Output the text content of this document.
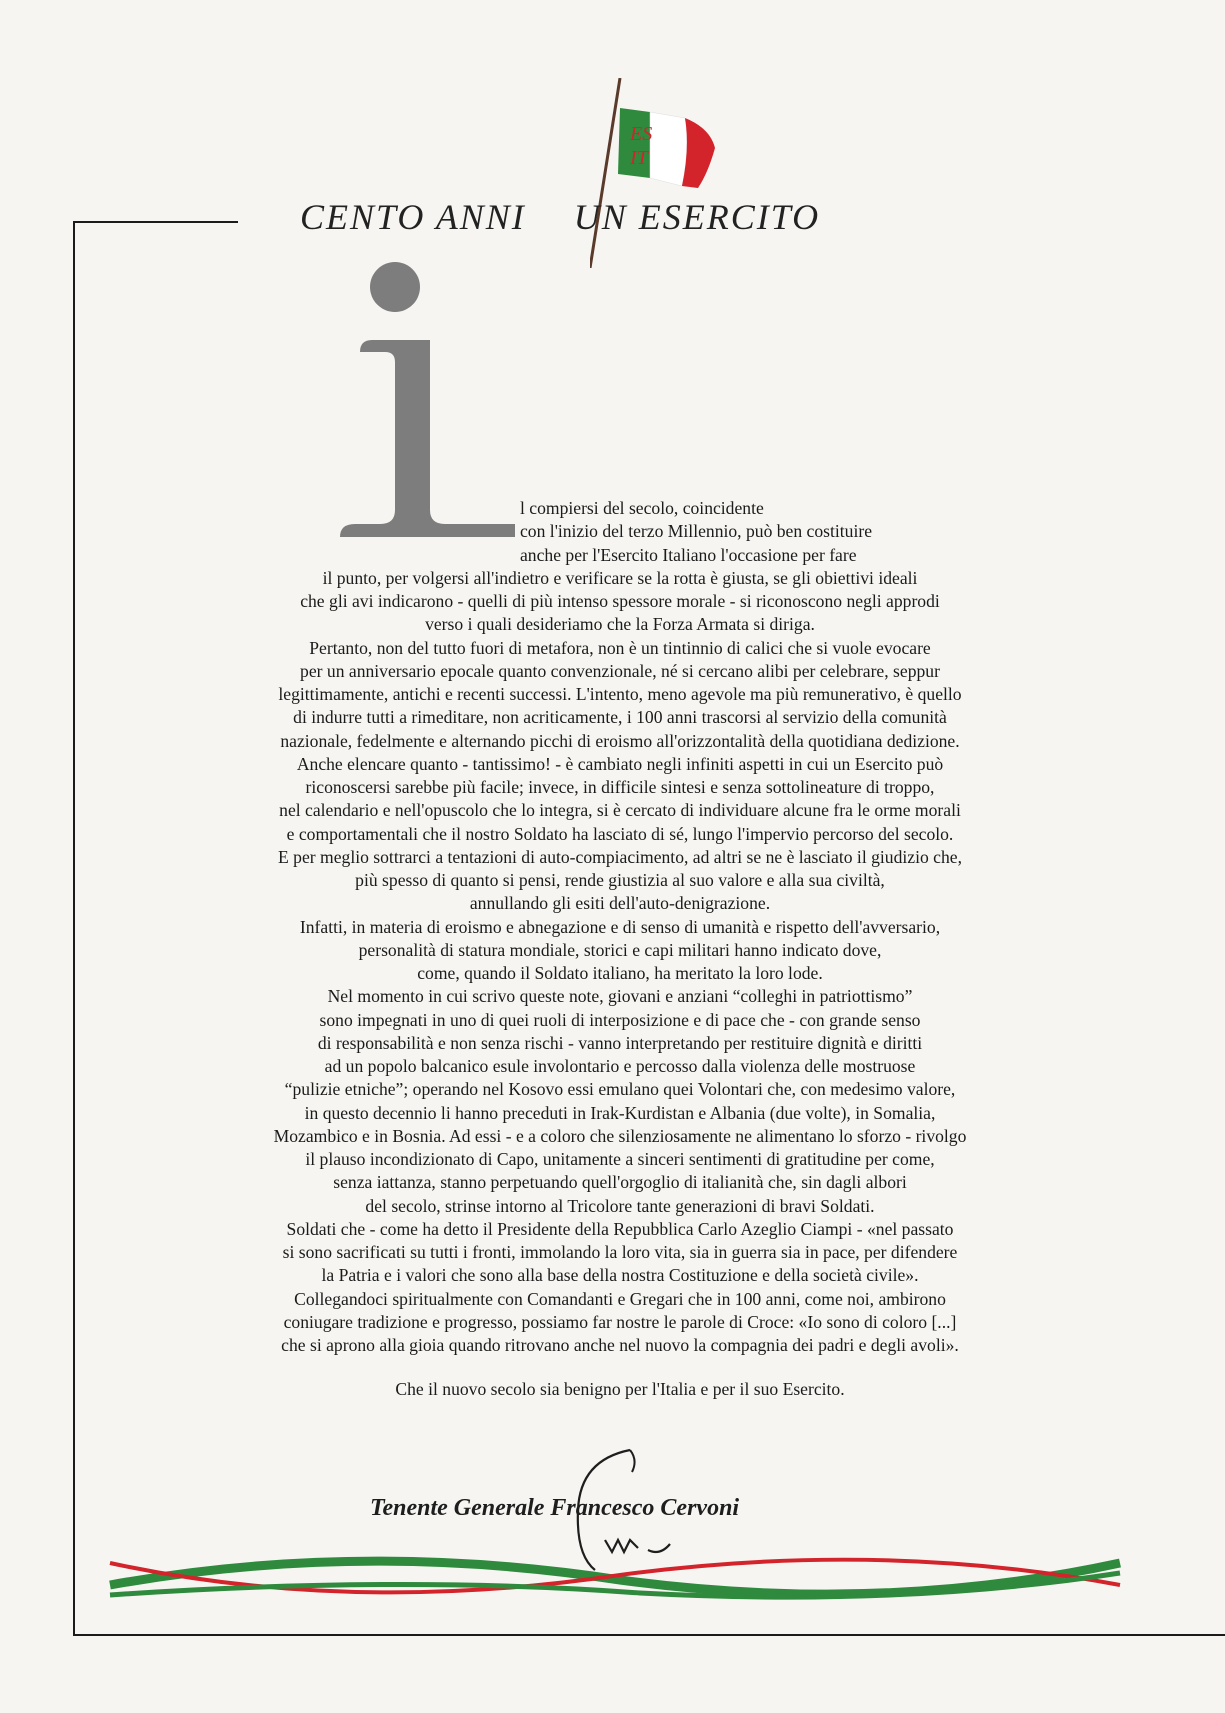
ES
IT
CENTO ANNI UN ESERCITO
l compiersi del secolo, coincidente
con l'inizio del terzo Millennio, può ben costituire
anche per l'Esercito Italiano l'occasione per fare

il punto, per volgersi all'indietro e verificare se la rotta è giusta, se gli obiettivi ideali

che gli avi indicarono - quelli di più intenso spessore morale - si riconoscono negli approdi

verso i quali desideriamo che la Forza Armata si diriga.

Pertanto, non del tutto fuori di metafora, non è un tintinnio di calici che si vuole evocare

per un anniversario epocale quanto convenzionale, né si cercano alibi per celebrare, seppur

legittimamente, antichi e recenti successi. L'intento, meno agevole ma più remunerativo, è quello

di indurre tutti a rimeditare, non acriticamente, i 100 anni trascorsi al servizio della comunità

nazionale, fedelmente e alternando picchi di eroismo all'orizzontalità della quotidiana dedizione.

Anche elencare quanto - tantissimo! - è cambiato negli infiniti aspetti in cui un Esercito può

riconoscersi sarebbe più facile; invece, in difficile sintesi e senza sottolineature di troppo,

nel calendario e nell'opuscolo che lo integra, si è cercato di individuare alcune fra le orme morali

e comportamentali che il nostro Soldato ha lasciato di sé, lungo l'impervio percorso del secolo.

E per meglio sottrarci a tentazioni di auto-compiacimento, ad altri se ne è lasciato il giudizio che,

più spesso di quanto si pensi, rende giustizia al suo valore e alla sua civiltà,

annullando gli esiti dell'auto-denigrazione.

Infatti, in materia di eroismo e abnegazione e di senso di umanità e rispetto dell'avversario,

personalità di statura mondiale, storici e capi militari hanno indicato dove,

come, quando il Soldato italiano, ha meritato la loro lode.

Nel momento in cui scrivo queste note, giovani e anziani “colleghi in patriottismo”

sono impegnati in uno di quei ruoli di interposizione e di pace che - con grande senso

di responsabilità e non senza rischi - vanno interpretando per restituire dignità e diritti

ad un popolo balcanico esule involontario e percosso dalla violenza delle mostruose

“pulizie etniche”; operando nel Kosovo essi emulano quei Volontari che, con medesimo valore,

in questo decennio li hanno preceduti in Irak-Kurdistan e Albania (due volte), in Somalia,

Mozambico e in Bosnia. Ad essi - e a coloro che silenziosamente ne alimentano lo sforzo - rivolgo

il plauso incondizionato di Capo, unitamente a sinceri sentimenti di gratitudine per come,

senza iattanza, stanno perpetuando quell'orgoglio di italianità che, sin dagli albori

del secolo, strinse intorno al Tricolore tante generazioni di bravi Soldati.

Soldati che - come ha detto il Presidente della Repubblica Carlo Azeglio Ciampi - «nel passato

si sono sacrificati su tutti i fronti, immolando la loro vita, sia in guerra sia in pace, per difendere

la Patria e i valori che sono alla base della nostra Costituzione e della società civile».

Collegandoci spiritualmente con Comandanti e Gregari che in 100 anni, come noi, ambirono

coniugare tradizione e progresso, possiamo far nostre le parole di Croce: «Io sono di coloro [...]

che si aprono alla gioia quando ritrovano anche nel nuovo la compagnia dei padri e degli avoli».

Che il nuovo secolo sia benigno per l'Italia e per il suo Esercito.
Tenente Generale Francesco Cervoni
